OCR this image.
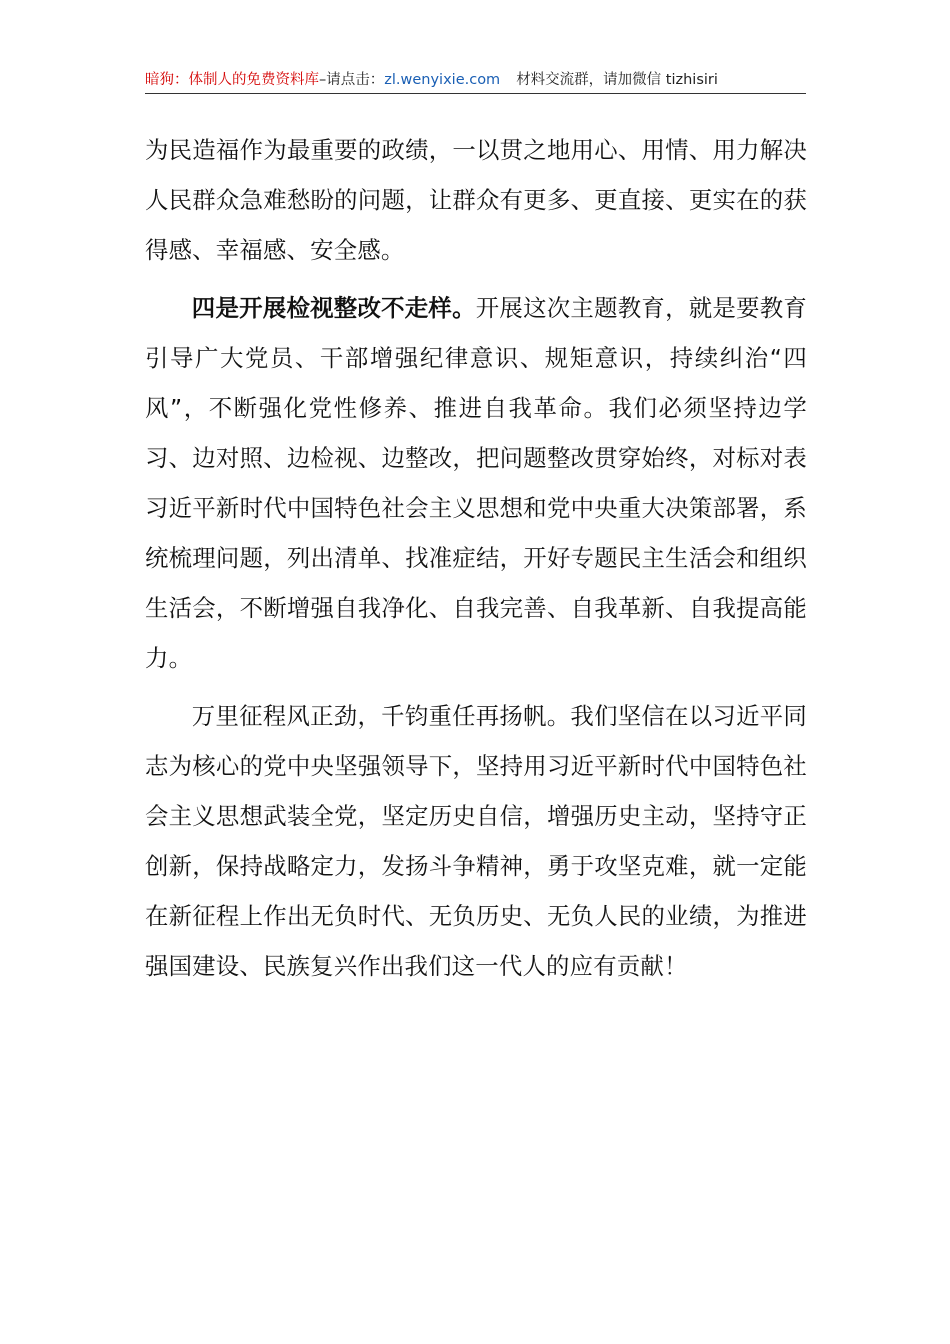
暗狗：体制人的免费资料库–请点击：zl.wenyixie.com 材料交流群，请加微信 tizhisiri

为民造福作为最重要的政绩，一以贯之地用心、用情、用力解决人民群众急难愁盼的问题，让群众有更多、更直接、更实在的获得感、幸福感、安全感。

四是开展检视整改不走样。开展这次主题教育，就是要教育引导广大党员、干部增强纪律意识、规矩意识，持续纠治“四风”，不断强化党性修养、推进自我革命。我们必须坚持边学习、边对照、边检视、边整改，把问题整改贯穿始终，对标对表习近平新时代中国特色社会主义思想和党中央重大决策部署，系统梳理问题，列出清单、找准症结，开好专题民主生活会和组织生活会，不断增强自我净化、自我完善、自我革新、自我提高能力。

万里征程风正劲，千钧重任再扬帆。我们坚信在以习近平同志为核心的党中央坚强领导下，坚持用习近平新时代中国特色社会主义思想武装全党，坚定历史自信，增强历史主动，坚持守正创新，保持战略定力，发扬斗争精神，勇于攻坚克难，就一定能在新征程上作出无负时代、无负历史、无负人民的业绩，为推进强国建设、民族复兴作出我们这一代人的应有贡献！
